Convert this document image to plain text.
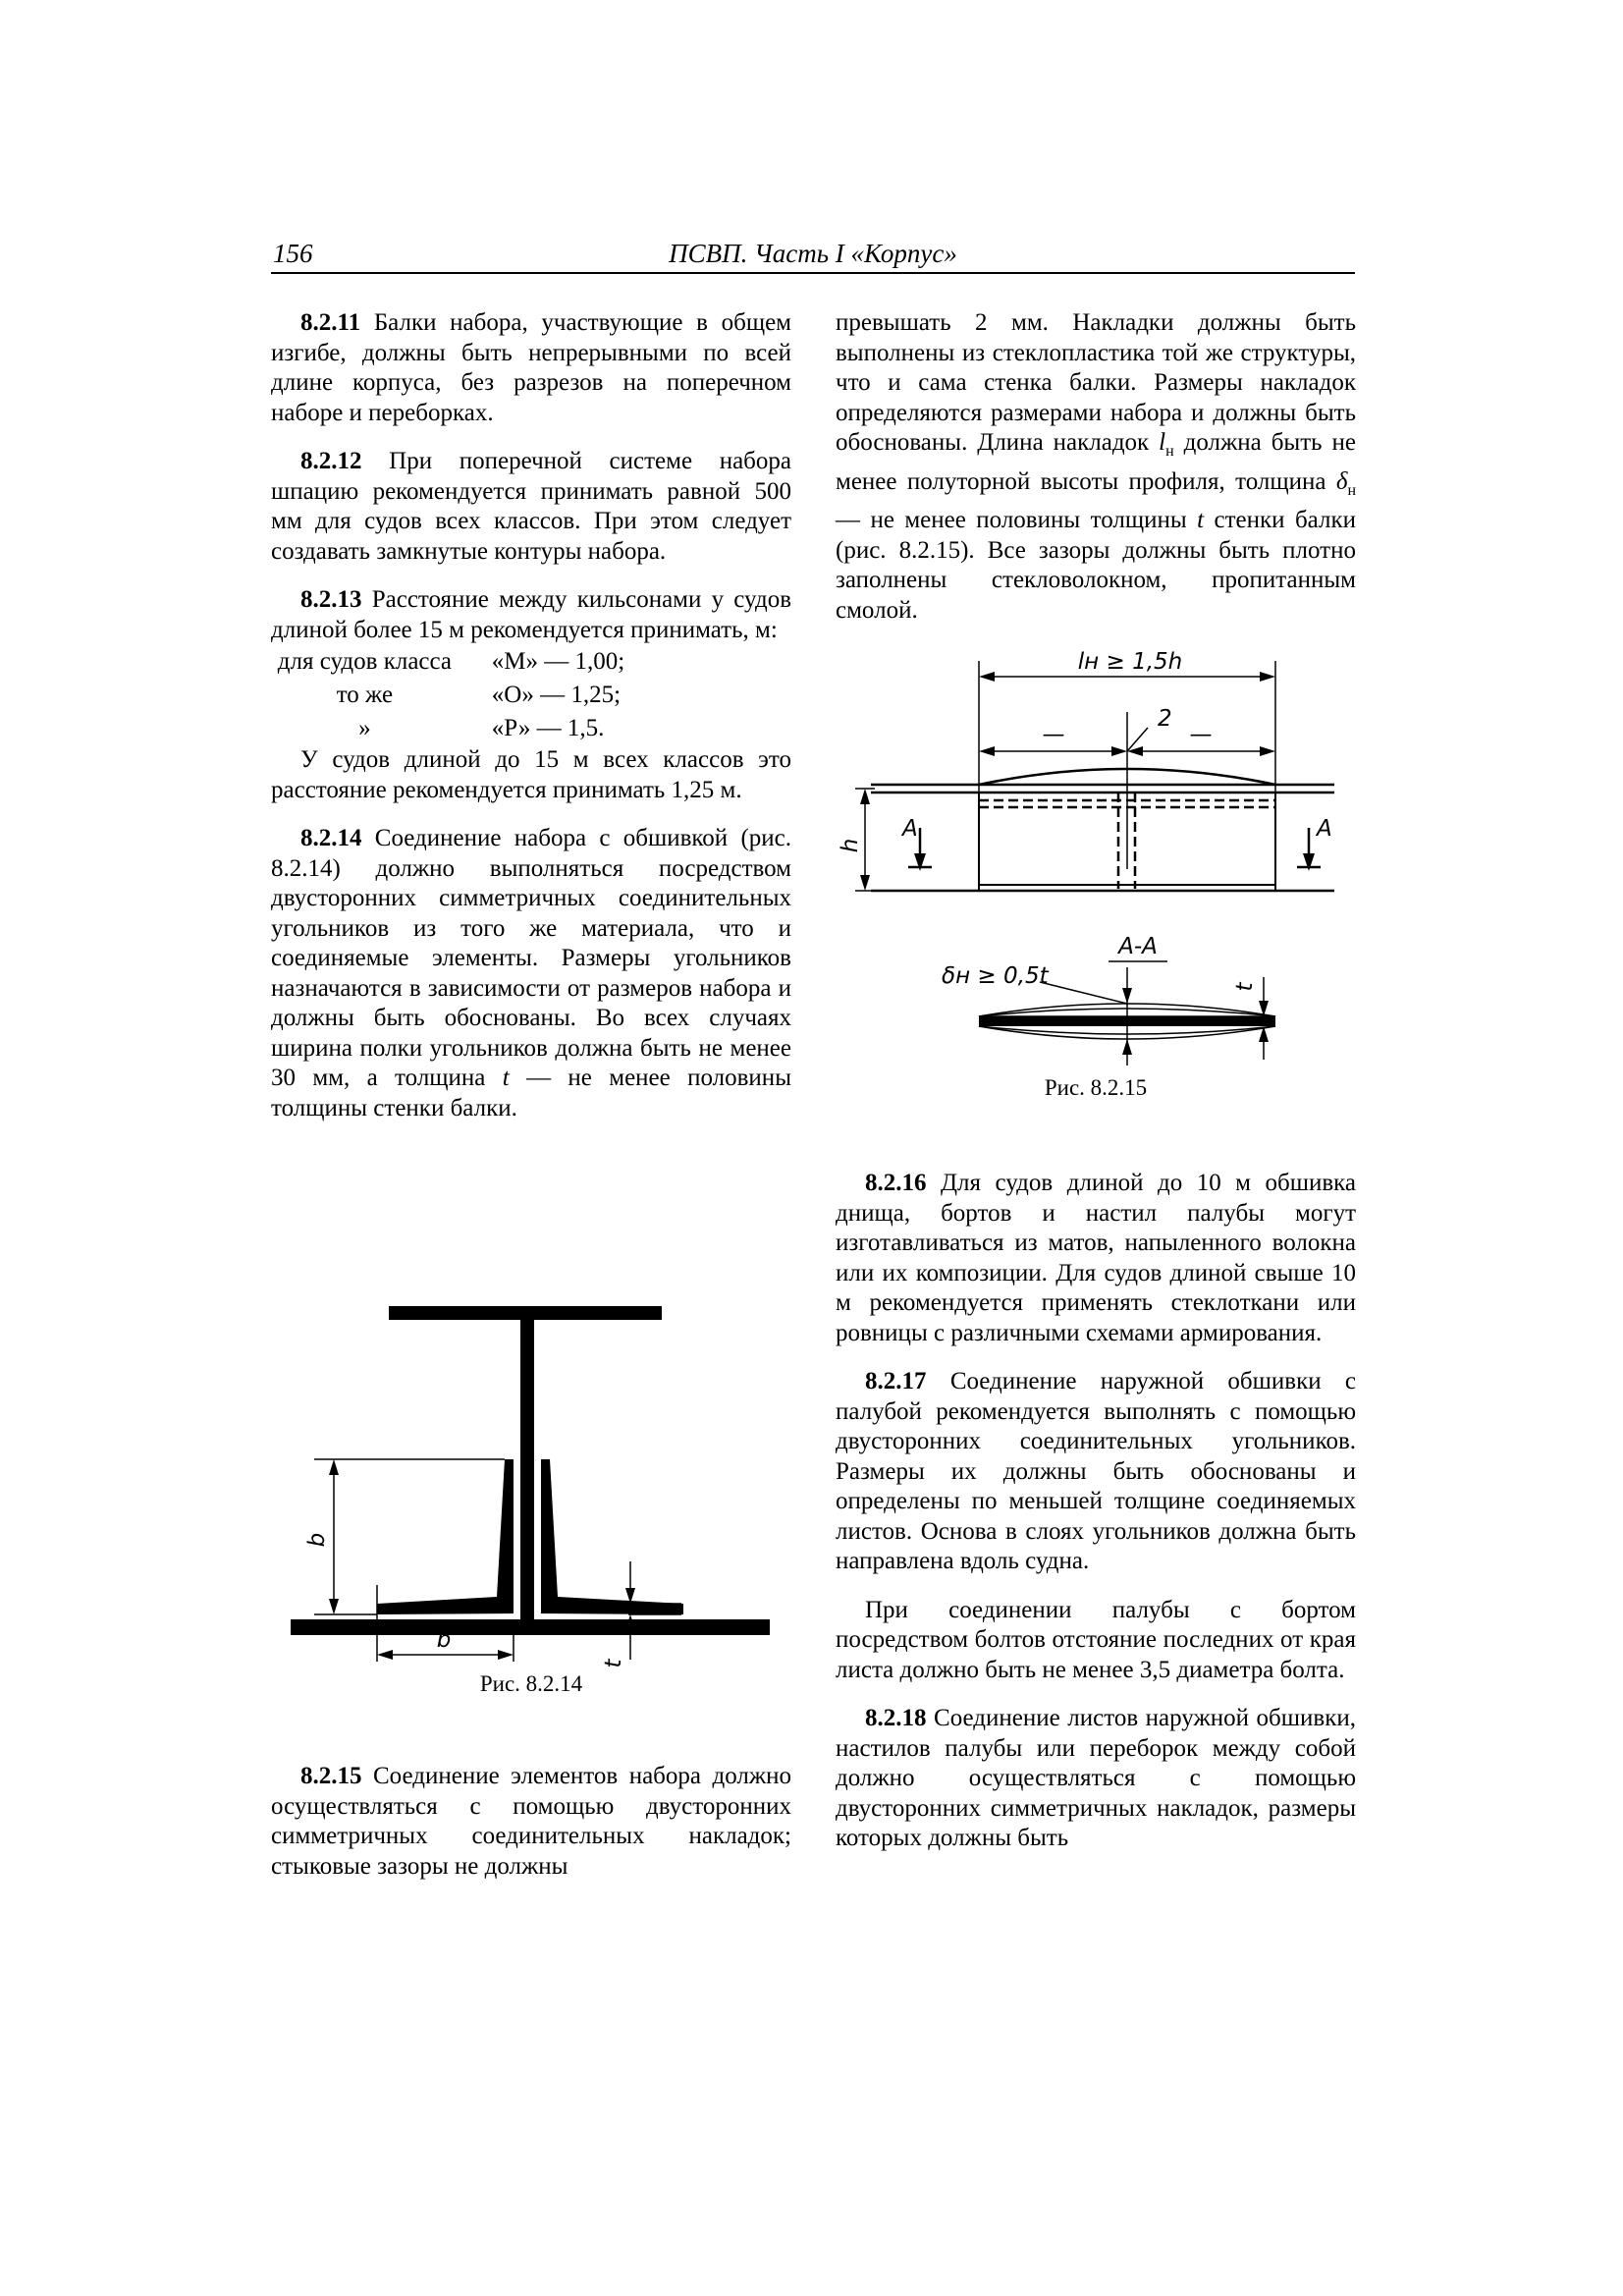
156	ПСВП. Часть I «Корпус»

8.2.11 Балки набора, участвующие в общем изгибе, должны быть непрерывными по всей длине корпуса, без разрезов на поперечном наборе и переборках.

8.2.12 При поперечной системе набора шпацию рекомендуется принимать равной 500 мм для судов всех классов. При этом следует создавать замкнутые контуры набора.

8.2.13 Расстояние между кильсонами у судов длиной более 15 м рекомендуется принимать, м:

для судов класса	«М» — 1,00;
то же	«О» — 1,25;
»	«Р» — 1,5.

У судов длиной до 15 м всех классов это расстояние рекомендуется принимать 1,25 м.

8.2.14 Соединение набора с обшивкой (рис. 8.2.14) должно выполняться посредством двусторонних симметричных соединительных угольников из того же материала, что и соединяемые элементы. Размеры угольников назначаются в зависимости от размеров набора и должны быть обоснованы. Во всех случаях ширина полки угольников должна быть не менее 30 мм, а толщина t — не менее половины толщины стенки балки.

b
b
t
Рис. 8.2.14

8.2.15 Соединение элементов набора должно осуществляться с помощью двусторонних симметричных соединительных накладок; стыковые зазоры не должны

превышать 2 мм. Накладки должны быть выполнены из стеклопластика той же структуры, что и сама стенка балки. Размеры накладок определяются размерами набора и должны быть обоснованы. Длина накладок $l_н$ должна быть не менее полуторной высоты профиля, толщина $\delta_н$ — не менее половины толщины t стенки балки (рис. 8.2.15). Все зазоры должны быть плотно заполнены стекловолокном, пропитанным смолой.

lн ≥ 1,5h
—	—
2
h
A	A
А-А
δн ≥ 0,5t	t
Рис. 8.2.15

8.2.16 Для судов длиной до 10 м обшивка днища, бортов и настил палубы могут изготавливаться из матов, напыленного волокна или их композиции. Для судов длиной свыше 10 м рекомендуется применять стеклоткани или ровницы с различными схемами армирования.

8.2.17 Соединение наружной обшивки с палубой рекомендуется выполнять с помощью двусторонних соединительных угольников. Размеры их должны быть обоснованы и определены по меньшей толщине соединяемых листов. Основа в слоях угольников должна быть направлена вдоль судна.

При соединении палубы с бортом посредством болтов отстояние последних от края листа должно быть не менее 3,5 диаметра болта.

8.2.18 Соединение листов наружной обшивки, настилов палубы или переборок между собой должно осуществляться с помощью двусторонних симметричных накладок, размеры которых должны быть
